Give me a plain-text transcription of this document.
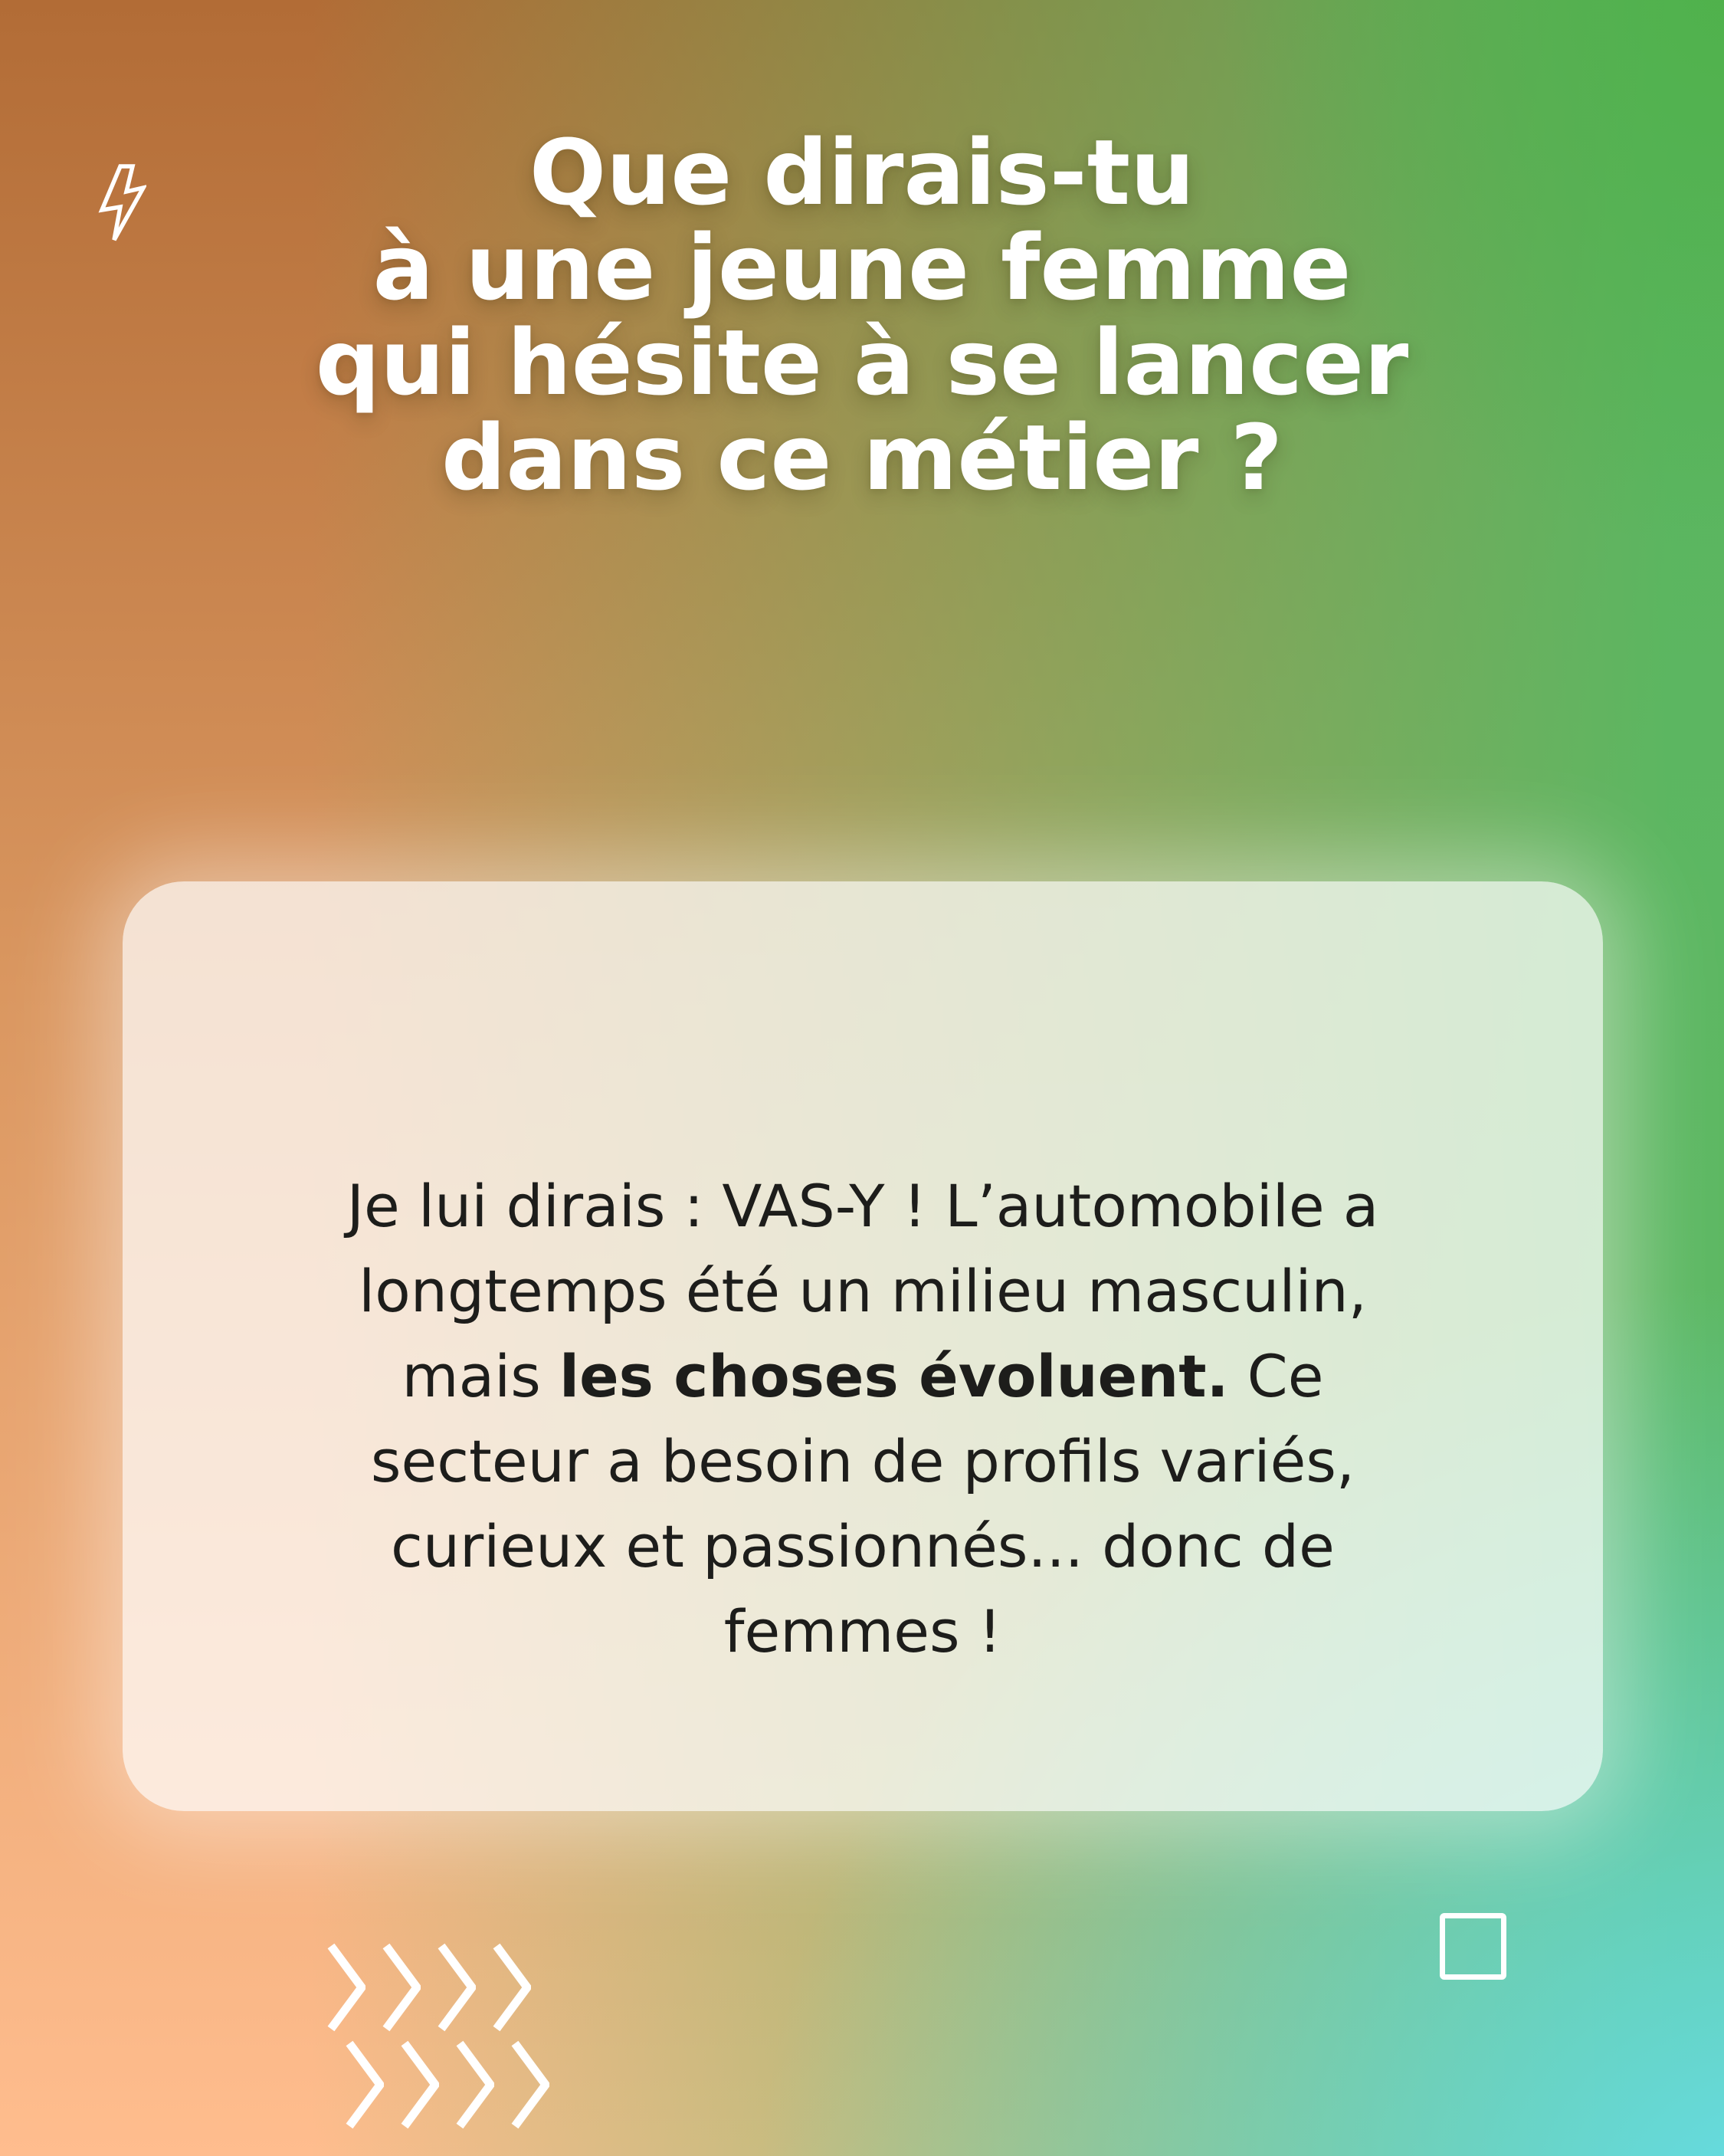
Que dirais-tu
à une jeune femme
qui hésite à se lancer
dans ce métier ?

Je lui dirais : VAS-Y ! L’automobile a longtemps été un milieu masculin, mais les choses évoluent. Ce secteur a besoin de profils variés, curieux et passionnés... donc de femmes !
